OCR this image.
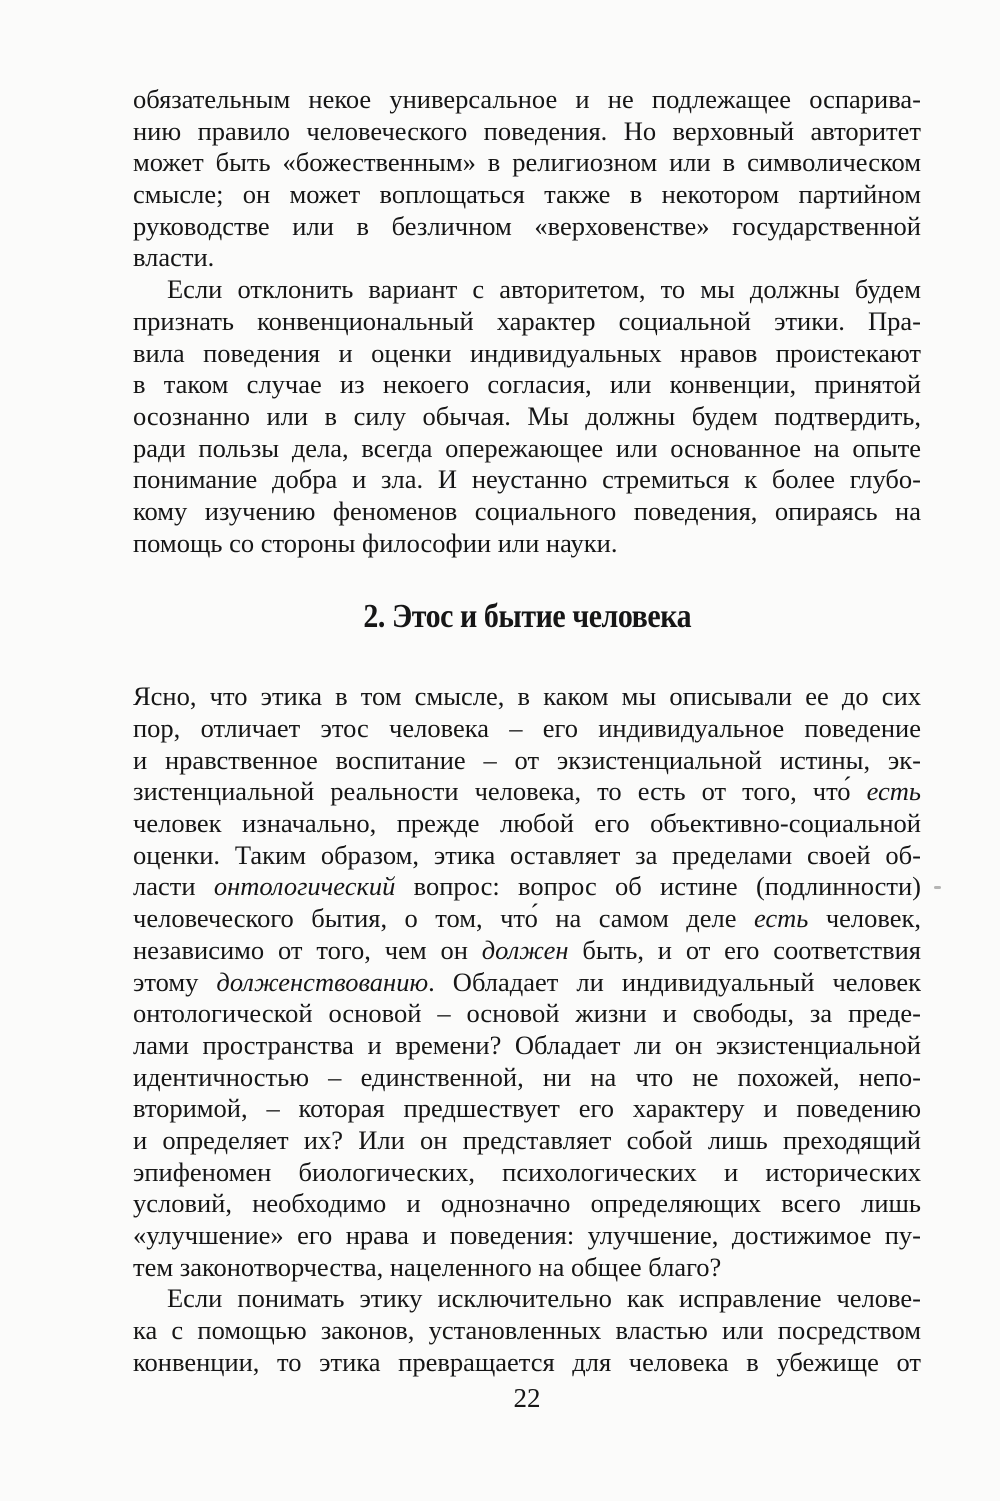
обязательным некое универсальное и не подлежащее оспарива-
нию правило человеческого поведения. Но верховный авторитет
может быть «божественным» в религиозном или в символическом
смысле; он может воплощаться также в некотором партийном
руководстве или в безличном «верховенстве» государственной
власти.
Если отклонить вариант с авторитетом, то мы должны будем
признать конвенциональный характер социальной этики. Пра-
вила поведения и оценки индивидуальных нравов проистекают
в таком случае из некоего согласия, или конвенции, принятой
осознанно или в силу обычая. Мы должны будем подтвердить,
ради пользы дела, всегда опережающее или основанное на опыте
понимание добра и зла. И неустанно стремиться к более глубо-
кому изучению феноменов социального поведения, опираясь на
помощь со стороны философии или науки.
2. Этос и бытие человека
Ясно, что этика в том смысле, в каком мы описывали ее до сих
пор, отличает этос человека – его индивидуальное поведение
и нравственное воспитание – от экзистенциальной истины, эк-
зистенциальной реальности человека, то есть от того, что́ есть
человек изначально, прежде любой его объективно-социальной
оценки. Таким образом, этика оставляет за пределами своей об-
ласти онтологический вопрос: вопрос об истине (подлинности)
человеческого бытия, о том, что́ на самом деле есть человек,
независимо от того, чем он должен быть, и от его соответствия
этому долженствованию. Обладает ли индивидуальный человек
онтологической основой – основой жизни и свободы, за преде-
лами пространства и времени? Обладает ли он экзистенциальной
идентичностью – единственной, ни на что не похожей, непо-
вторимой, – которая предшествует его характеру и поведению
и определяет их? Или он представляет собой лишь преходящий
эпифеномен биологических, психологических и исторических
условий, необходимо и однозначно определяющих всего лишь
«улучшение» его нрава и поведения: улучшение, достижимое пу-
тем законотворчества, нацеленного на общее благо?
Если понимать этику исключительно как исправление челове-
ка с помощью законов, установленных властью или посредством
конвенции, то этика превращается для человека в убежище от
22
